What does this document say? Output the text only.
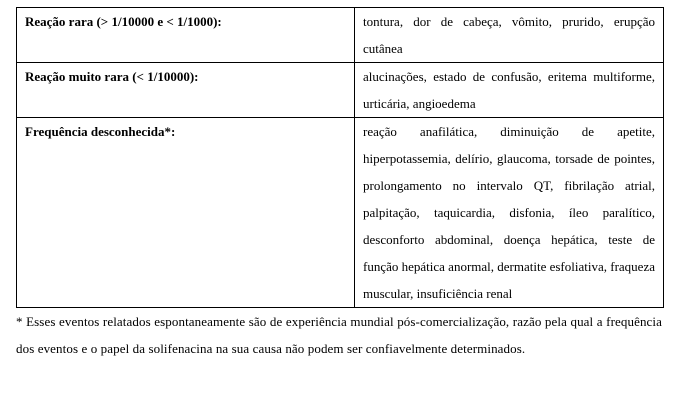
Reação rara (> 1/10000 e < 1/1000):	tontura, dor de cabeça, vômito, prurido, erupção cutânea
Reação muito rara (< 1/10000):	alucinações, estado de confusão, eritema multiforme, urticária, angioedema
Frequência desconhecida*:	reação anafilática, diminuição de apetite, hiperpotassemia, delírio, glaucoma, torsade de pointes, prolongamento no intervalo QT, fibrilação atrial, palpitação, taquicardia, disfonia, íleo paralítico, desconforto abdominal, doença hepática, teste de função hepática anormal, dermatite esfoliativa, fraqueza muscular, insuficiência renal

* Esses eventos relatados espontaneamente são de experiência mundial pós-comercialização, razão pela qual a frequência dos eventos e o papel da solifenacina na sua causa não podem ser confiavelmente determinados.
